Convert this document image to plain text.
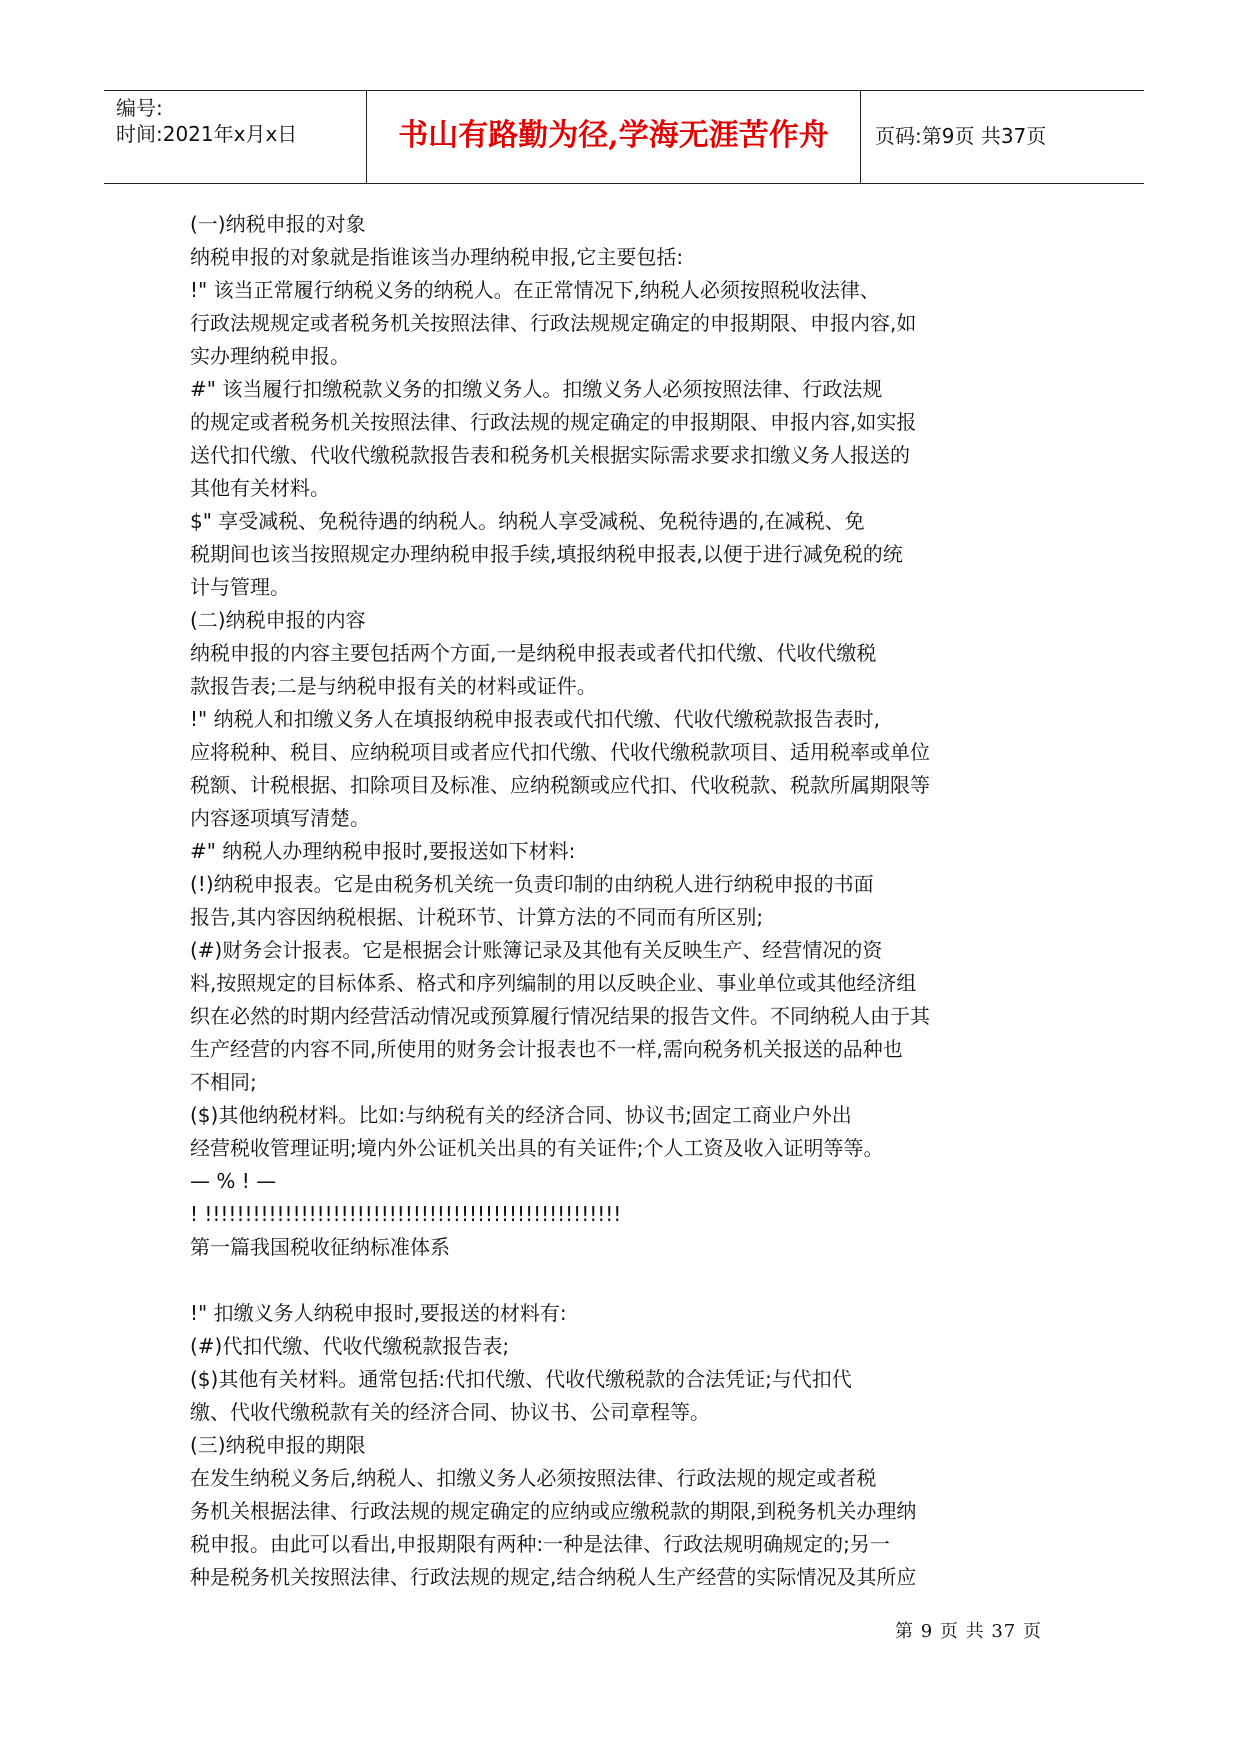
编号:
时间:2021年x月x日	书山有路勤为径,学海无涯苦作舟	页码:第9页 共37页
(一)纳税申报的对象
纳税申报的对象就是指谁该当办理纳税申报,它主要包括:
!" 该当正常履行纳税义务的纳税人。在正常情况下,纳税人必须按照税收法律、
行政法规规定或者税务机关按照法律、行政法规规定确定的申报期限、申报内容,如
实办理纳税申报。
#" 该当履行扣缴税款义务的扣缴义务人。扣缴义务人必须按照法律、行政法规
的规定或者税务机关按照法律、行政法规的规定确定的申报期限、申报内容,如实报
送代扣代缴、代收代缴税款报告表和税务机关根据实际需求要求扣缴义务人报送的
其他有关材料。
$" 享受减税、免税待遇的纳税人。纳税人享受减税、免税待遇的,在减税、免
税期间也该当按照规定办理纳税申报手续,填报纳税申报表,以便于进行减免税的统
计与管理。
(二)纳税申报的内容
纳税申报的内容主要包括两个方面,一是纳税申报表或者代扣代缴、代收代缴税
款报告表;二是与纳税申报有关的材料或证件。
!" 纳税人和扣缴义务人在填报纳税申报表或代扣代缴、代收代缴税款报告表时,
应将税种、税目、应纳税项目或者应代扣代缴、代收代缴税款项目、适用税率或单位
税额、计税根据、扣除项目及标准、应纳税额或应代扣、代收税款、税款所属期限等
内容逐项填写清楚。
#" 纳税人办理纳税申报时,要报送如下材料:
(!)纳税申报表。它是由税务机关统一负责印制的由纳税人进行纳税申报的书面
报告,其内容因纳税根据、计税环节、计算方法的不同而有所区别;
(#)财务会计报表。它是根据会计账簿记录及其他有关反映生产、经营情况的资
料,按照规定的目标体系、格式和序列编制的用以反映企业、事业单位或其他经济组
织在必然的时期内经营活动情况或预算履行情况结果的报告文件。不同纳税人由于其
生产经营的内容不同,所使用的财务会计报表也不一样,需向税务机关报送的品种也
不相同;
($)其他纳税材料。比如:与纳税有关的经济合同、协议书;固定工商业户外出
经营税收管理证明;境内外公证机关出具的有关证件;个人工资及收入证明等等。
— % ! —
! !!!!!!!!!!!!!!!!!!!!!!!!!!!!!!!!!!!!!!!!!!!!!!!!!!!!
第一篇我国税收征纳标准体系
!" 扣缴义务人纳税申报时,要报送的材料有:
(#)代扣代缴、代收代缴税款报告表;
($)其他有关材料。通常包括:代扣代缴、代收代缴税款的合法凭证;与代扣代
缴、代收代缴税款有关的经济合同、协议书、公司章程等。
(三)纳税申报的期限
在发生纳税义务后,纳税人、扣缴义务人必须按照法律、行政法规的规定或者税
务机关根据法律、行政法规的规定确定的应纳或应缴税款的期限,到税务机关办理纳
税申报。由此可以看出,申报期限有两种:一种是法律、行政法规明确规定的;另一
种是税务机关按照法律、行政法规的规定,结合纳税人生产经营的实际情况及其所应
第 9 页 共 37 页
